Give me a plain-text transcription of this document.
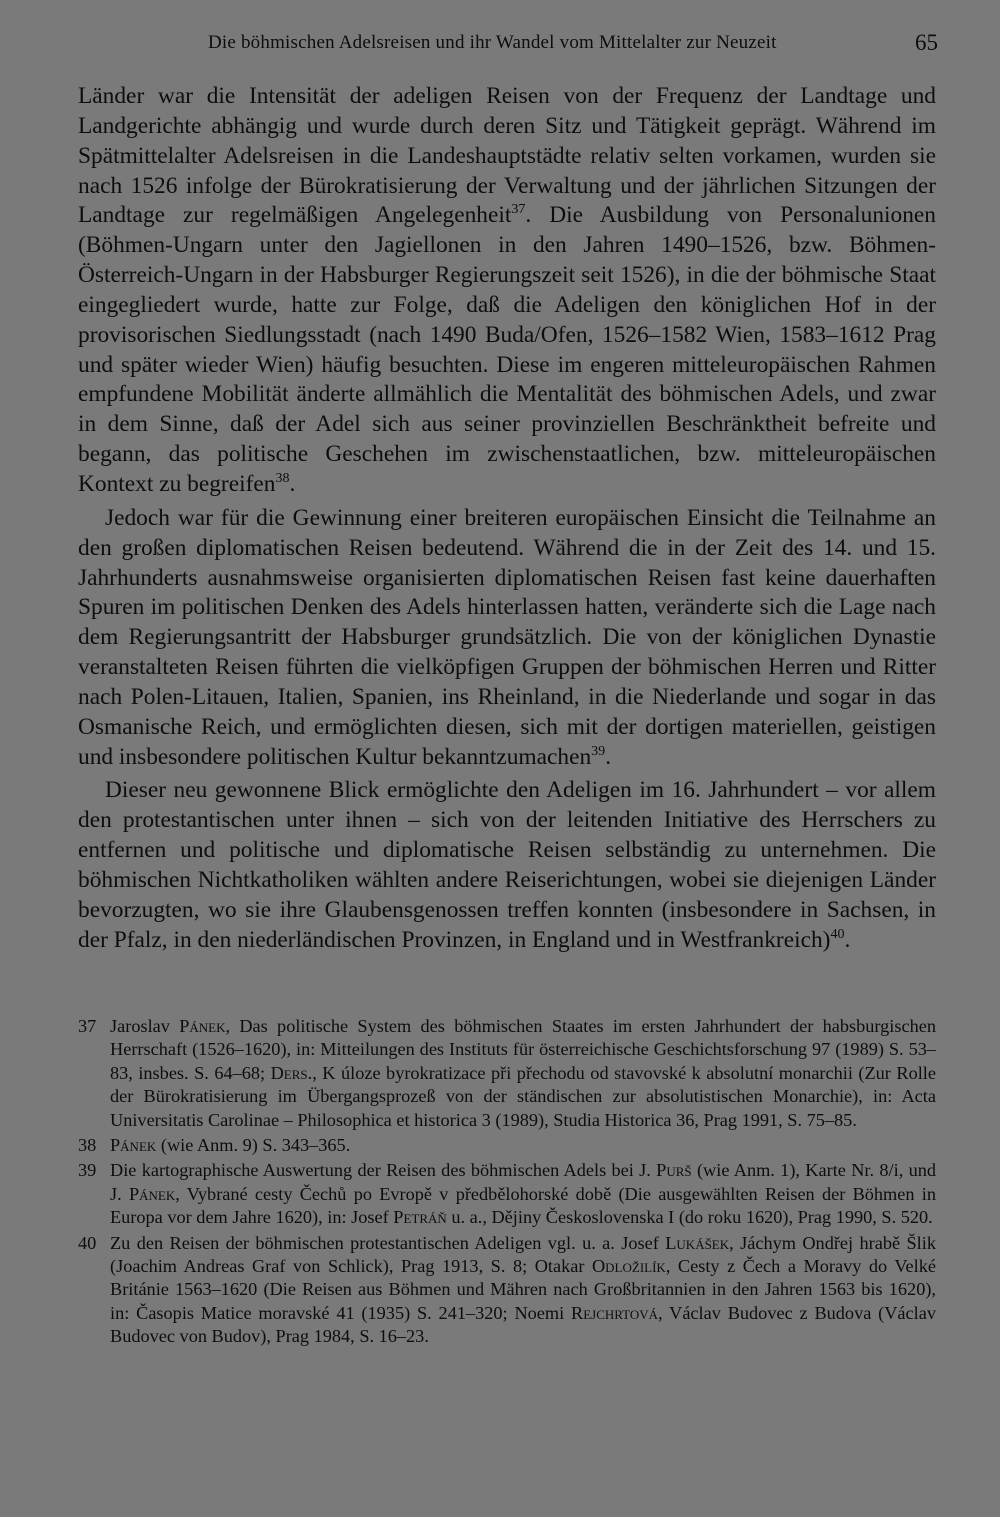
Die böhmischen Adelsreisen und ihr Wandel vom Mittelalter zur Neuzeit	65

Länder war die Intensität der adeligen Reisen von der Frequenz der Landtage und Landgerichte abhängig und wurde durch deren Sitz und Tätigkeit geprägt. Während im Spätmittelalter Adelsreisen in die Landeshauptstädte relativ selten vorkamen, wurden sie nach 1526 infolge der Bürokratisierung der Verwaltung und der jährlichen Sitzungen der Landtage zur regelmäßigen Angelegenheit$^{37}$. Die Ausbildung von Personalunionen (Böhmen-Ungarn unter den Jagiellonen in den Jahren 1490–1526, bzw. Böhmen-Österreich-Ungarn in der Habsburger Regierungszeit seit 1526), in die der böhmische Staat eingegliedert wurde, hatte zur Folge, daß die Adeligen den königlichen Hof in der provisorischen Siedlungsstadt (nach 1490 Buda/Ofen, 1526–1582 Wien, 1583–1612 Prag und später wieder Wien) häufig besuchten. Diese im engeren mitteleuropäischen Rahmen empfundene Mobilität änderte allmählich die Mentalität des böhmischen Adels, und zwar in dem Sinne, daß der Adel sich aus seiner provinziellen Beschränktheit befreite und begann, das politische Geschehen im zwischenstaatlichen, bzw. mitteleuropäischen Kontext zu begreifen$^{38}$.

Jedoch war für die Gewinnung einer breiteren europäischen Einsicht die Teilnahme an den großen diplomatischen Reisen bedeutend. Während die in der Zeit des 14. und 15. Jahrhunderts ausnahmsweise organisierten diplomatischen Reisen fast keine dauerhaften Spuren im politischen Denken des Adels hinterlassen hatten, veränderte sich die Lage nach dem Regierungsantritt der Habsburger grundsätzlich. Die von der königlichen Dynastie veranstalteten Reisen führten die vielköpfigen Gruppen der böhmischen Herren und Ritter nach Polen-Litauen, Italien, Spanien, ins Rheinland, in die Niederlande und sogar in das Osmanische Reich, und ermöglichten diesen, sich mit der dortigen materiellen, geistigen und insbesondere politischen Kultur bekanntzumachen$^{39}$.

Dieser neu gewonnene Blick ermöglichte den Adeligen im 16. Jahrhundert – vor allem den protestantischen unter ihnen – sich von der leitenden Initiative des Herrschers zu entfernen und politische und diplomatische Reisen selbständig zu unternehmen. Die böhmischen Nichtkatholiken wählten andere Reiserichtungen, wobei sie diejenigen Länder bevorzugten, wo sie ihre Glaubensgenossen treffen konnten (insbesondere in Sachsen, in der Pfalz, in den niederländischen Provinzen, in England und in Westfrankreich)$^{40}$.

37 Jaroslav Pánek, Das politische System des böhmischen Staates im ersten Jahrhundert der habsburgischen Herrschaft (1526–1620), in: Mitteilungen des Instituts für österreichische Geschichtsforschung 97 (1989) S. 53–83, insbes. S. 64–68; Ders., K úloze byrokratizace při přechodu od stavovské k absolutní monarchii (Zur Rolle der Bürokratisierung im Übergangsprozeß von der ständischen zur absolutistischen Monarchie), in: Acta Universitatis Carolinae – Philosophica et historica 3 (1989), Studia Historica 36, Prag 1991, S. 75–85.
38 Pánek (wie Anm. 9) S. 343–365.
39 Die kartographische Auswertung der Reisen des böhmischen Adels bei J. Purš (wie Anm. 1), Karte Nr. 8/i, und J. Pánek, Vybrané cesty Čechů po Evropě v předbělohorské době (Die ausgewählten Reisen der Böhmen in Europa vor dem Jahre 1620), in: Josef Petráň u. a., Dějiny Československa I (do roku 1620), Prag 1990, S. 520.
40 Zu den Reisen der böhmischen protestantischen Adeligen vgl. u. a. Josef Lukášek, Jáchym Ondřej hrabě Šlik (Joachim Andreas Graf von Schlick), Prag 1913, S. 8; Otakar Odložilík, Cesty z Čech a Moravy do Velké Británie 1563–1620 (Die Reisen aus Böhmen und Mähren nach Großbritannien in den Jahren 1563 bis 1620), in: Časopis Matice moravské 41 (1935) S. 241–320; Noemi Rejchrtová, Václav Budovec z Budova (Václav Budovec von Budov), Prag 1984, S. 16–23.
